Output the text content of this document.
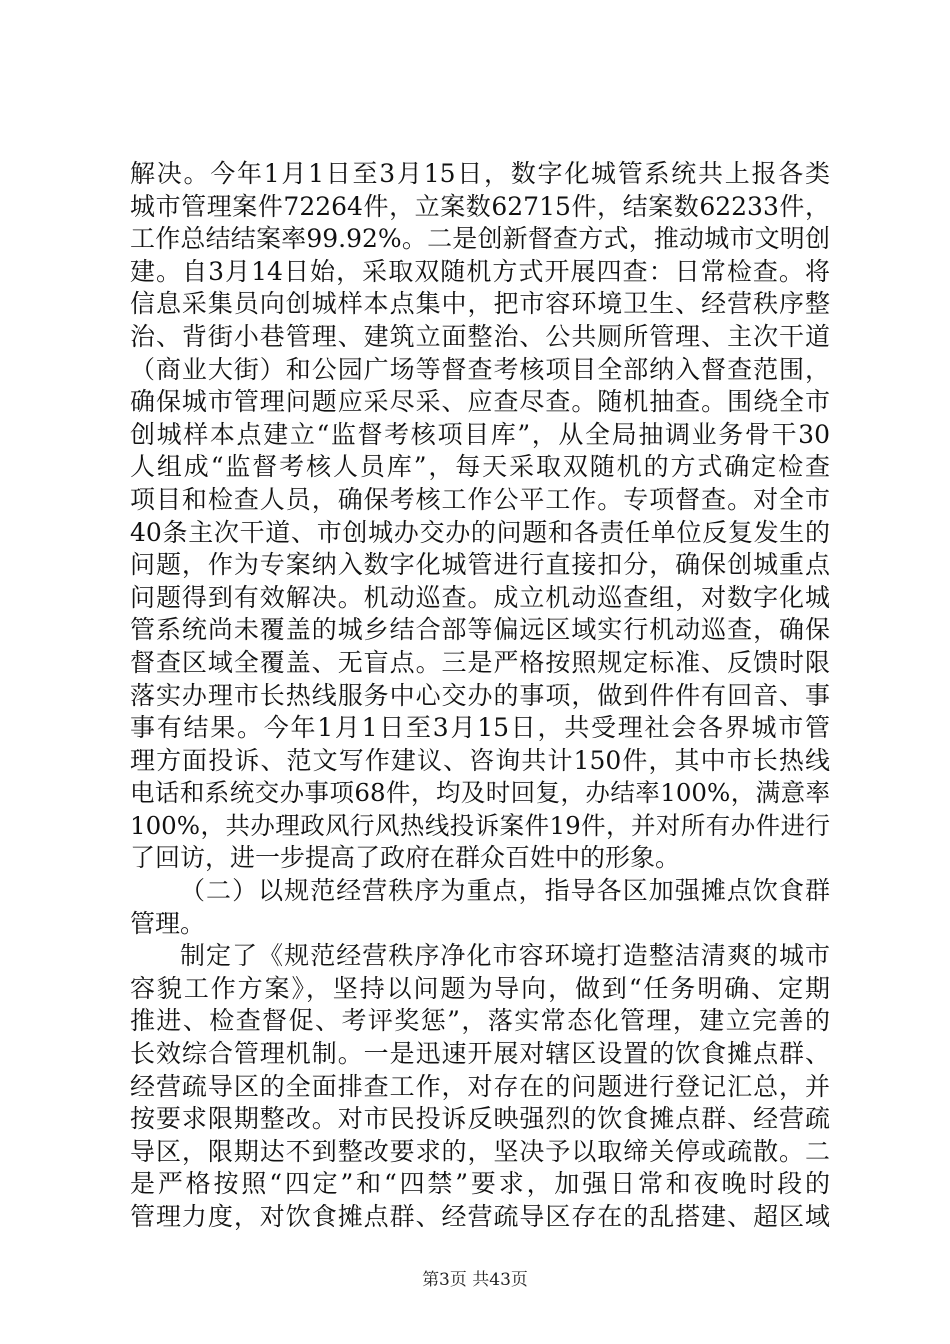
解决。今年1月1日至3月15日，数字化城管系统共上报各类
城市管理案件72264件，立案数62715件，结案数62233件，
工作总结结案率99.92%。二是创新督查方式，推动城市文明创
建。自3月14日始，采取双随机方式开展四查：日常检查。将
信息采集员向创城样本点集中，把市容环境卫生、经营秩序整
治、背街小巷管理、建筑立面整治、公共厕所管理、主次干道
（商业大街）和公园广场等督查考核项目全部纳入督查范围，
确保城市管理问题应采尽采、应查尽查。随机抽查。围绕全市
创城样本点建立“监督考核项目库”，从全局抽调业务骨干30
人组成“监督考核人员库”，每天采取双随机的方式确定检查
项目和检查人员，确保考核工作公平工作。专项督查。对全市
40条主次干道、市创城办交办的问题和各责任单位反复发生的
问题，作为专案纳入数字化城管进行直接扣分，确保创城重点
问题得到有效解决。机动巡查。成立机动巡查组，对数字化城
管系统尚未覆盖的城乡结合部等偏远区域实行机动巡查，确保
督查区域全覆盖、无盲点。三是严格按照规定标准、反馈时限
落实办理市长热线服务中心交办的事项，做到件件有回音、事
事有结果。今年1月1日至3月15日，共受理社会各界城市管
理方面投诉、范文写作建议、咨询共计150件，其中市长热线
电话和系统交办事项68件，均及时回复，办结率100%，满意率
100%，共办理政风行风热线投诉案件19件，并对所有办件进行
了回访，进一步提高了政府在群众百姓中的形象。
（二）以规范经营秩序为重点，指导各区加强摊点饮食群
管理。
制定了《规范经营秩序净化市容环境打造整洁清爽的城市
容貌工作方案》，坚持以问题为导向，做到“任务明确、定期
推进、检查督促、考评奖惩”，落实常态化管理，建立完善的
长效综合管理机制。一是迅速开展对辖区设置的饮食摊点群、
经营疏导区的全面排查工作，对存在的问题进行登记汇总，并
按要求限期整改。对市民投诉反映强烈的饮食摊点群、经营疏
导区，限期达不到整改要求的，坚决予以取缔关停或疏散。二
是严格按照“四定”和“四禁”要求，加强日常和夜晚时段的
管理力度，对饮食摊点群、经营疏导区存在的乱搭建、超区域
第3页 共43页
